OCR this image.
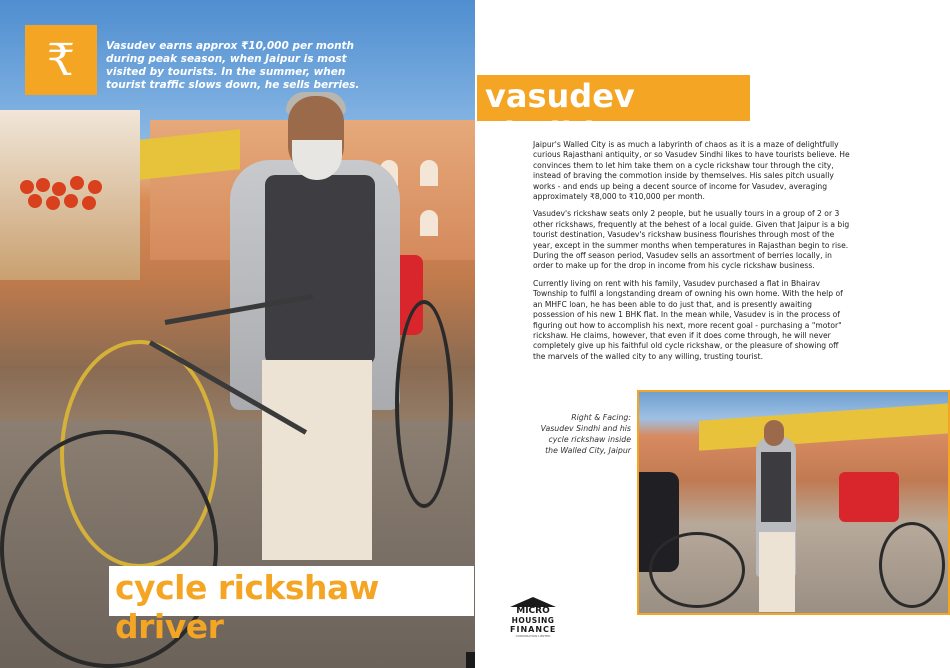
₹	Vasudev earns approx ₹10,000 per month during peak season, when Jaipur is most visited by tourists. In the summer, when tourist traffic slows down, he sells berries.
cycle rickshaw driver
vasudev sindhi

Jaipur's Walled City is as much a labyrinth of chaos as it is a maze of delightfully curious Rajasthani antiquity, or so Vasudev Sindhi likes to have tourists believe. He convinces them to let him take them on a cycle rickshaw tour through the city, instead of braving the commotion inside by themselves. His sales pitch usually works - and ends up being a decent source of income for Vasudev, averaging approximately ₹8,000 to ₹10,000 per month.

Vasudev's rickshaw seats only 2 people, but he usually tours in a group of 2 or 3 other rickshaws, frequently at the behest of a local guide. Given that Jaipur is a big tourist destination, Vasudev's rickshaw business flourishes through most of the year, except in the summer months when temperatures in Rajasthan begin to rise. During the off season period, Vasudev sells an assortment of berries locally, in order to make up for the drop in income from his cycle rickshaw business.

Currently living on rent with his family, Vasudev purchased a flat in Bhairav Township to fulfil a longstanding dream of owning his own home. With the help of an MHFC loan, he has been able to do just that, and is presently awaiting possession of his new 1 BHK flat. In the mean while, Vasudev is in the process of figuring out how to accomplish his next, more recent goal - purchasing a "motor" rickshaw. He claims, however, that even if it does come through, he will never completely give up his faithful old cycle rickshaw, or the pleasure of showing off the marvels of the walled city to any willing, trusting tourist.

Right & Facing: Vasudev Sindhi and his cycle rickshaw inside the Walled City, Jaipur
MICRO
HOUSING
FINANCE
CORPORATION LIMITED
